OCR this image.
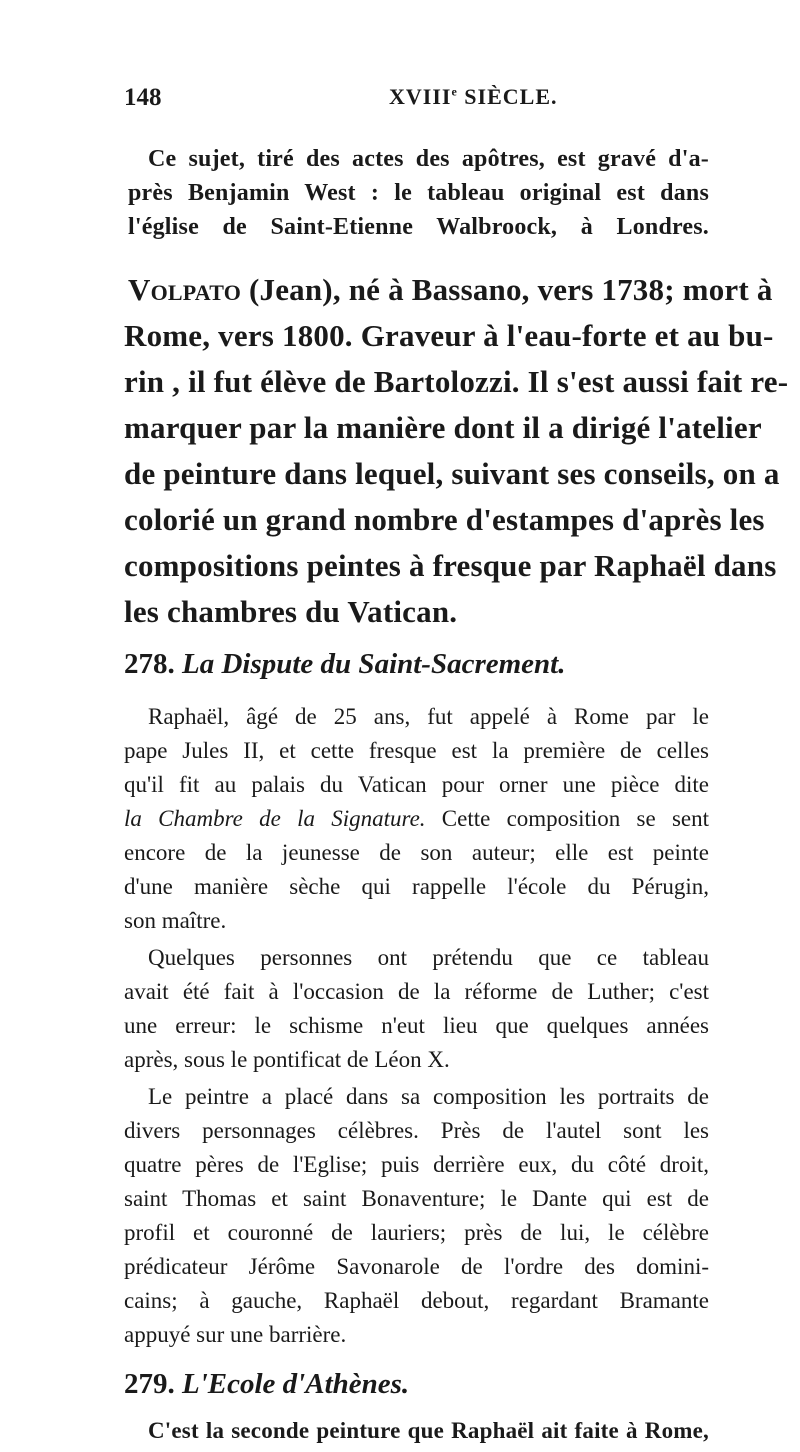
148	XVIIIe SIÈCLE.
Ce sujet, tiré des actes des apôtres, est gravé d'a-
près Benjamin West : le tableau original est dans
l'église de Saint-Etienne Walbroock, à Londres.
Volpato (Jean), né à Bassano, vers 1738; mort à
Rome, vers 1800. Graveur à l'eau-forte et au bu-
rin , il fut élève de Bartolozzi. Il s'est aussi fait re-
marquer par la manière dont il a dirigé l'atelier
de peinture dans lequel, suivant ses conseils, on a
colorié un grand nombre d'estampes d'après les
compositions peintes à fresque par Raphaël dans
les chambres du Vatican.
278. La Dispute du Saint-Sacrement.
Raphaël, âgé de 25 ans, fut appelé à Rome par le
pape Jules II, et cette fresque est la première de celles
qu'il fit au palais du Vatican pour orner une pièce dite
la Chambre de la Signature. Cette composition se sent
encore de la jeunesse de son auteur; elle est peinte
d'une manière sèche qui rappelle l'école du Pérugin,
son maître.
Quelques personnes ont prétendu que ce tableau
avait été fait à l'occasion de la réforme de Luther; c'est
une erreur: le schisme n'eut lieu que quelques années
après, sous le pontificat de Léon X.
Le peintre a placé dans sa composition les portraits de
divers personnages célèbres. Près de l'autel sont les
quatre pères de l'Eglise; puis derrière eux, du côté droit,
saint Thomas et saint Bonaventure; le Dante qui est de
profil et couronné de lauriers; près de lui, le célèbre
prédicateur Jérôme Savonarole de l'ordre des domini-
cains; à gauche, Raphaël debout, regardant Bramante
appuyé sur une barrière.
279. L'Ecole d'Athènes.
C'est la seconde peinture que Raphaël ait faite à Rome,
